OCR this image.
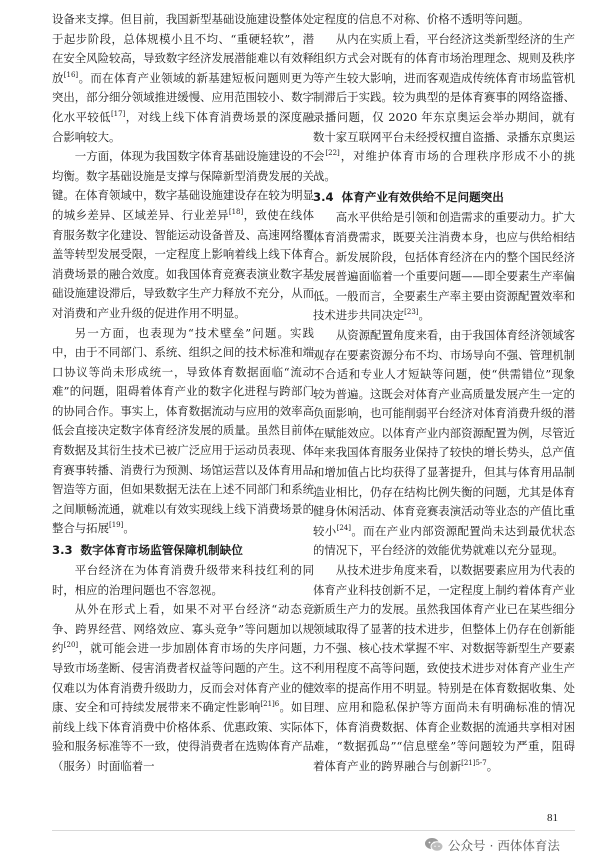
设备来支撑。但目前，我国新型基础设施建设整体处于起步阶段，总体规模小且不均、“重硬轻软”，潜在安全风险较高，导致数字经济发展潜能难以有效释放[16]。而在体育产业领域的新基建短板问题则更为突出，部分细分领域推进缓慢、应用范围较小、数字化水平较低[17]，对线上线下体育消费场景的深度融合影响较大。

一方面，体现为我国数字体育基础设施建设的不均衡。数字基础设施是支撑与保障新型消费发展的关键。在体育领域中，数字基础设施建设存在较为明显的城乡差异、区域差异、行业差异[18]，致使在线体育服务数字化建设、智能运动设备普及、高速网络覆盖等转型发展受限，一定程度上影响着线上线下体育消费场景的融合效度。如我国体育竞赛表演业数字基础设施建设滞后，导致数字生产力释放不充分，从而对消费和产业升级的促进作用不明显。

另一方面，也表现为“技术壁垒”问题。实践中，由于不同部门、系统、组织之间的技术标准和端口协议等尚未形成统一，导致体育数据面临“流动难”的问题，阻碍着体育产业的数字化进程与跨部门的协同合作。事实上，体育数据流动与应用的效率高低会直接决定数字体育经济发展的质量。虽然目前体育数据及其衍生技术已被广泛应用于运动员表现、体育赛事转播、消费行为预测、场馆运营以及体育用品智造等方面，但如果数据无法在上述不同部门和系统之间顺畅流通，就难以有效实现线上线下消费场景的整合与拓展[19]。

3.3 数字体育市场监管保障机制缺位

平台经济在为体育消费升级带来科技红利的同时，相应的治理问题也不容忽视。

从外在形式上看，如果不对平台经济“动态竞争、跨界经营、网络效应、寡头竞争”等问题加以规约[20]，就可能会进一步加剧体育市场的失序问题，导致市场垄断、侵害消费者权益等问题的产生。这不仅难以为体育消费升级助力，反而会对体育产业的健康、安全和可持续发展带来不确定性影响$^{[21]6}$。如目前线上线下体育消费中价格体系、优惠政策、实际体验和服务标准等不一致，使得消费者在选购体育产品（服务）时面临着一

定程度的信息不对称、价格不透明等问题。

从内在实质上看，平台经济这类新型经济的生产组织方式会对既有的体育市场治理理念、规则及秩序等产生较大影响，进而客观造成传统体育市场监管机制滞后于实践。较为典型的是体育赛事的网络盗播、录播问题，仅 2020 年东京奥运会举办期间，就有数十家互联网平台未经授权擅自盗播、录播东京奥运会[22]，对维护体育市场的合理秩序形成不小的挑战。

3.4 体育产业有效供给不足问题突出

高水平供给是引领和创造需求的重要动力。扩大体育消费需求，既要关注消费本身，也应与供给相结合。新发展阶段，包括体育经济在内的整个国民经济发展普遍面临着一个重要问题——即全要素生产率偏低。一般而言，全要素生产率主要由资源配置效率和技术进步共同决定[23]。

从资源配置角度来看，由于我国体育经济领域客观存在要素资源分布不均、市场导向不强、管理机制不合适和专业人才短缺等问题，使“供需错位”现象较为普遍。这既会对体育产业高质量发展产生一定的负面影响，也可能削弱平台经济对体育消费升级的潜在赋能效应。以体育产业内部资源配置为例，尽管近年来我国体育服务业保持了较快的增长势头，总产值和增加值占比均获得了显著提升，但其与体育用品制造业相比，仍存在结构比例失衡的问题，尤其是体育健身休闲活动、体育竞赛表演活动等业态的产值比重较小[24]。而在产业内部资源配置尚未达到最优状态的情况下，平台经济的效能优势就难以充分显现。

从技术进步角度来看，以数据要素应用为代表的体育产业科技创新不足，一定程度上制约着体育产业新质生产力的发展。虽然我国体育产业已在某些细分领域取得了显著的技术进步，但整体上仍存在创新能力不强、核心技术掌握不牢、对数据等新型生产要素利用程度不高等问题，致使技术进步对体育产业生产效率的提高作用不明显。特别是在体育数据收集、处理、应用和隐私保护等方面尚未有明确标准的情况下，体育消费数据、体育企业数据的流通共享相对困难，“数据孤岛”“信息壁垒”等问题较为严重，阻碍着体育产业的跨界融合与创新$^{[21]5-7}$。

81
公众号 · 西体体育法
